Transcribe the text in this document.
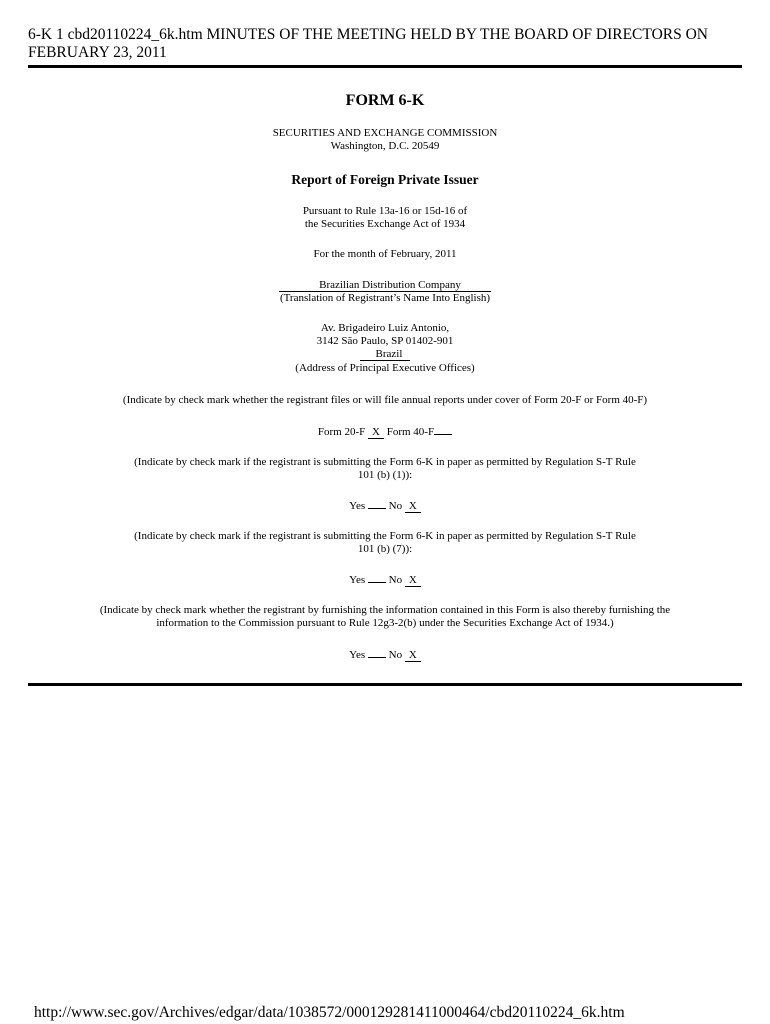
6-K 1 cbd20110224_6k.htm MINUTES OF THE MEETING HELD BY THE BOARD OF DIRECTORS ON
FEBRUARY 23, 2011
FORM 6-K
SECURITIES AND EXCHANGE COMMISSION
Washington, D.C. 20549
Report of Foreign Private Issuer
Pursuant to Rule 13a-16 or 15d-16 of
the Securities Exchange Act of 1934
For the month of February, 2011
Brazilian Distribution Company
(Translation of Registrant’s Name Into English)
Av. Brigadeiro Luiz Antonio,
3142 São Paulo, SP 01402-901
Brazil
(Address of Principal Executive Offices)
(Indicate by check mark whether the registrant files or will file annual reports under cover of Form 20-F or Form 40-F)
Form 20-F X Form 40-F
(Indicate by check mark if the registrant is submitting the Form 6-K in paper as permitted by Regulation S-T Rule
101 (b) (1)):
Yes No X
(Indicate by check mark if the registrant is submitting the Form 6-K in paper as permitted by Regulation S-T Rule
101 (b) (7)):
Yes No X
(Indicate by check mark whether the registrant by furnishing the information contained in this Form is also thereby furnishing the
information to the Commission pursuant to Rule 12g3-2(b) under the Securities Exchange Act of 1934.)
Yes No X
http://www.sec.gov/Archives/edgar/data/1038572/000129281411000464/cbd20110224_6k.htm
